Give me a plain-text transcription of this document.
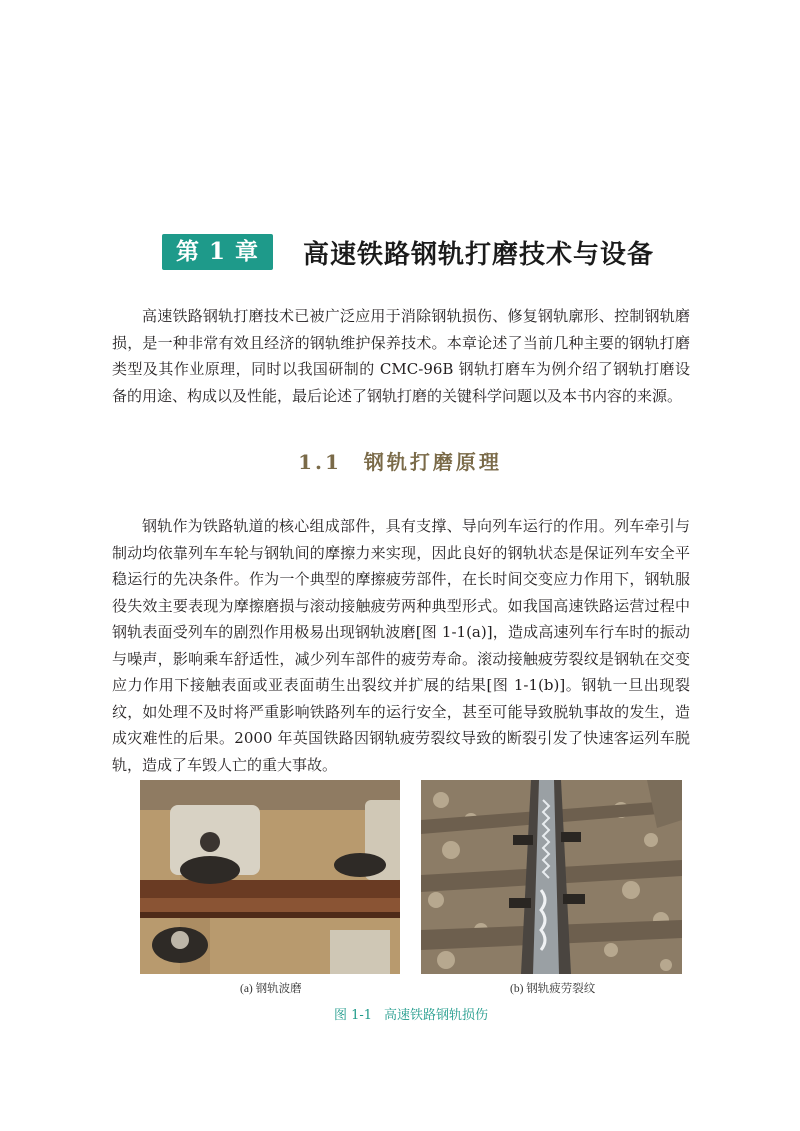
第 1 章	高速铁路钢轨打磨技术与设备

高速铁路钢轨打磨技术已被广泛应用于消除钢轨损伤、修复钢轨廓形、控制钢轨磨损，是一种非常有效且经济的钢轨维护保养技术。本章论述了当前几种主要的钢轨打磨类型及其作业原理，同时以我国研制的 CMC-96B 钢轨打磨车为例介绍了钢轨打磨设备的用途、构成以及性能，最后论述了钢轨打磨的关键科学问题以及本书内容的来源。

1.1 钢轨打磨原理

钢轨作为铁路轨道的核心组成部件，具有支撑、导向列车运行的作用。列车牵引与制动均依靠列车车轮与钢轨间的摩擦力来实现，因此良好的钢轨状态是保证列车安全平稳运行的先决条件。作为一个典型的摩擦疲劳部件，在长时间交变应力作用下，钢轨服役失效主要表现为摩擦磨损与滚动接触疲劳两种典型形式。如我国高速铁路运营过程中钢轨表面受列车的剧烈作用极易出现钢轨波磨[图 1-1(a)]，造成高速列车行车时的振动与噪声，影响乘车舒适性，减少列车部件的疲劳寿命。滚动接触疲劳裂纹是钢轨在交变应力作用下接触表面或亚表面萌生出裂纹并扩展的结果[图 1-1(b)]。钢轨一旦出现裂纹，如处理不及时将严重影响铁路列车的运行安全，甚至可能导致脱轨事故的发生，造成灾难性的后果。2000 年英国铁路因钢轨疲劳裂纹导致的断裂引发了快速客运列车脱轨，造成了车毁人亡的重大事故。

(a) 钢轨波磨	(b) 钢轨疲劳裂纹
图 1-1 高速铁路钢轨损伤
